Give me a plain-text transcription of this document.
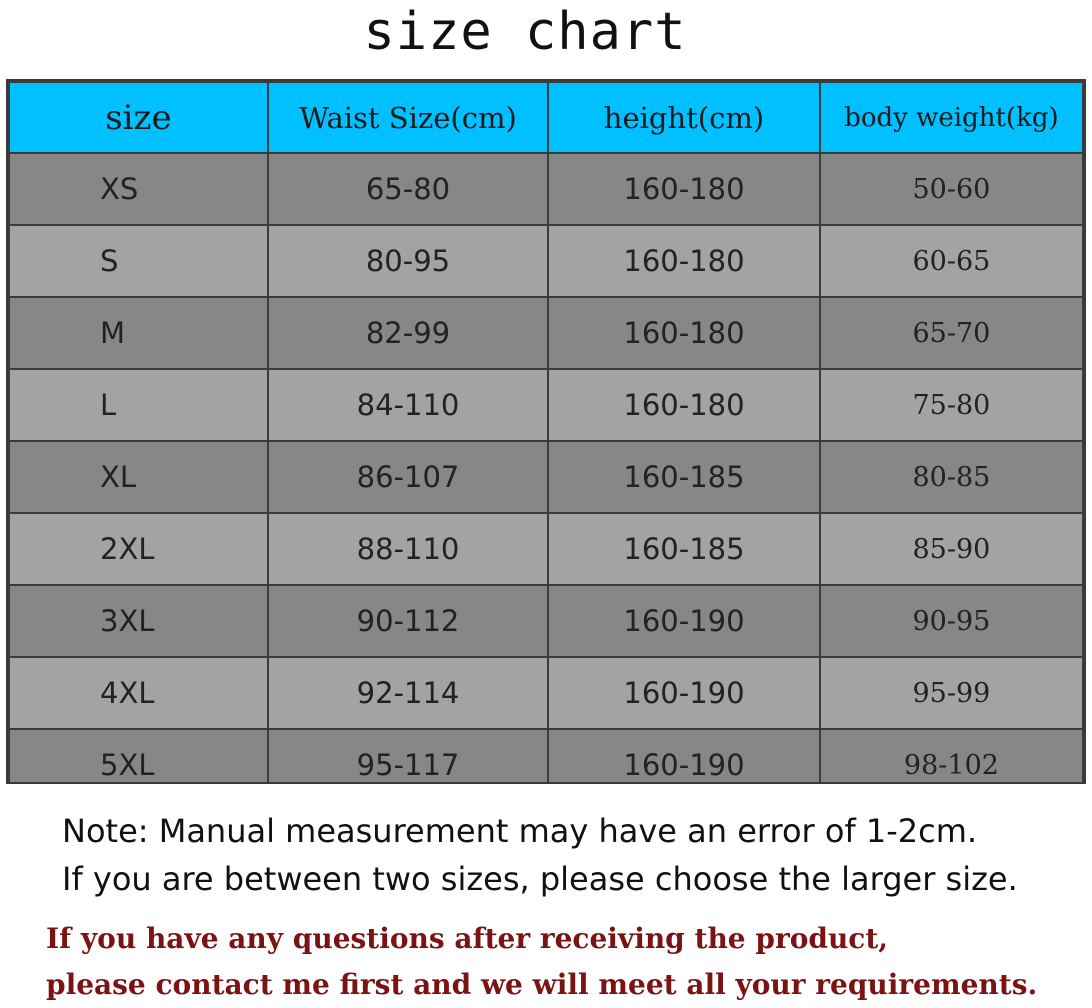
size chart
size	Waist Size(cm)	height(cm)	body weight(kg)
XS	65-80	160-180	50-60
S	80-95	160-180	60-65
M	82-99	160-180	65-70
L	84-110	160-180	75-80
XL	86-107	160-185	80-85
2XL	88-110	160-185	85-90
3XL	90-112	160-190	90-95
4XL	92-114	160-190	95-99
5XL	95-117	160-190	98-102
Note: Manual measurement may have an error of 1-2cm.
If you are between two sizes, please choose the larger size.
If you have any questions after receiving the product,
please contact me first and we will meet all your requirements.
